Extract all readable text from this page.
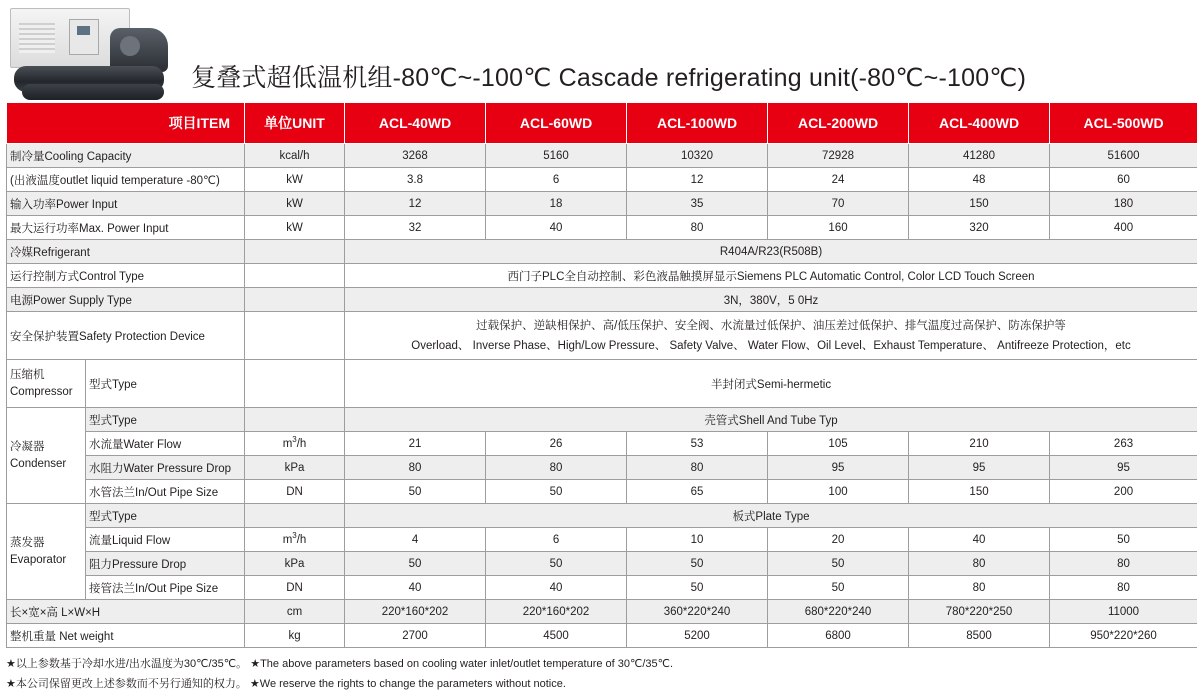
复叠式超低温机组-80℃~-100℃ Cascade refrigerating unit(-80℃~-100℃)
项目ITEM		单位UNIT	ACL-40WD	ACL-60WD	ACL-100WD	ACL-200WD	ACL-400WD	ACL-500WD
制冷量Cooling Capacity		kcal/h	3268	5160	10320	72928	41280	51600
(出液温度outlet liquid temperature -80℃)		kW	3.8	6	12	24	48	60
输入功率Power Input		kW	12	18	35	70	150	180
最大运行功率Max. Power Input		kW	32	40	80	160	320	400
冷媒Refrigerant			R404A/R23(R508B)					
运行控制方式Control Type			西门子PLC全自动控制、彩色液晶触摸屏显示Siemens PLC Automatic Control, Color LCD Touch Screen					
电源Power Supply Type			3N，380V，5 0Hz					
安全保护装置Safety Protection Device			过载保护、逆缺相保护、高/低压保护、安全阀、水流量过低保护、油压差过低保护、排气温度过高保护、防冻保护等
Overload、 Inverse Phase、High/Low Pressure、 Safety Valve、 Water Flow、Oil Level、Exhaust Temperature、 Antifreeze Protection，etc					

压缩机
Compressor	型式Type		半封闭式Semi-hermetic					

冷凝器
Condenser	型式Type		壳管式Shell And Tube Typ					
	水流量Water Flow	$m^3/h$	21	26	53	105	210	263
	水阻力Water Pressure Drop	kPa	80	80	80	95	95	95
	水管法兰In/Out Pipe Size	DN	50	50	65	100	150	200

蒸发器
Evaporator	型式Type		板式Plate Type					
	流量Liquid Flow	$m^3/h$	4	6	10	20	40	50
	阻力Pressure Drop	kPa	50	50	50	50	80	80
	接管法兰In/Out Pipe Size	DN	40	40	50	50	80	80
长×宽×高 L×W×H		cm	220*160*202	220*160*202	360*220*240	680*220*240	780*220*250	11000
整机重量 Net weight		kg	2700	4500	5200	6800	8500	950*220*260
★以上参数基于冷却水进/出水温度为30℃/35℃。 ★The above parameters based on cooling water inlet/outlet temperature of 30℃/35℃.
★本公司保留更改上述参数而不另行通知的权力。 ★We reserve the rights to change the parameters without notice.
